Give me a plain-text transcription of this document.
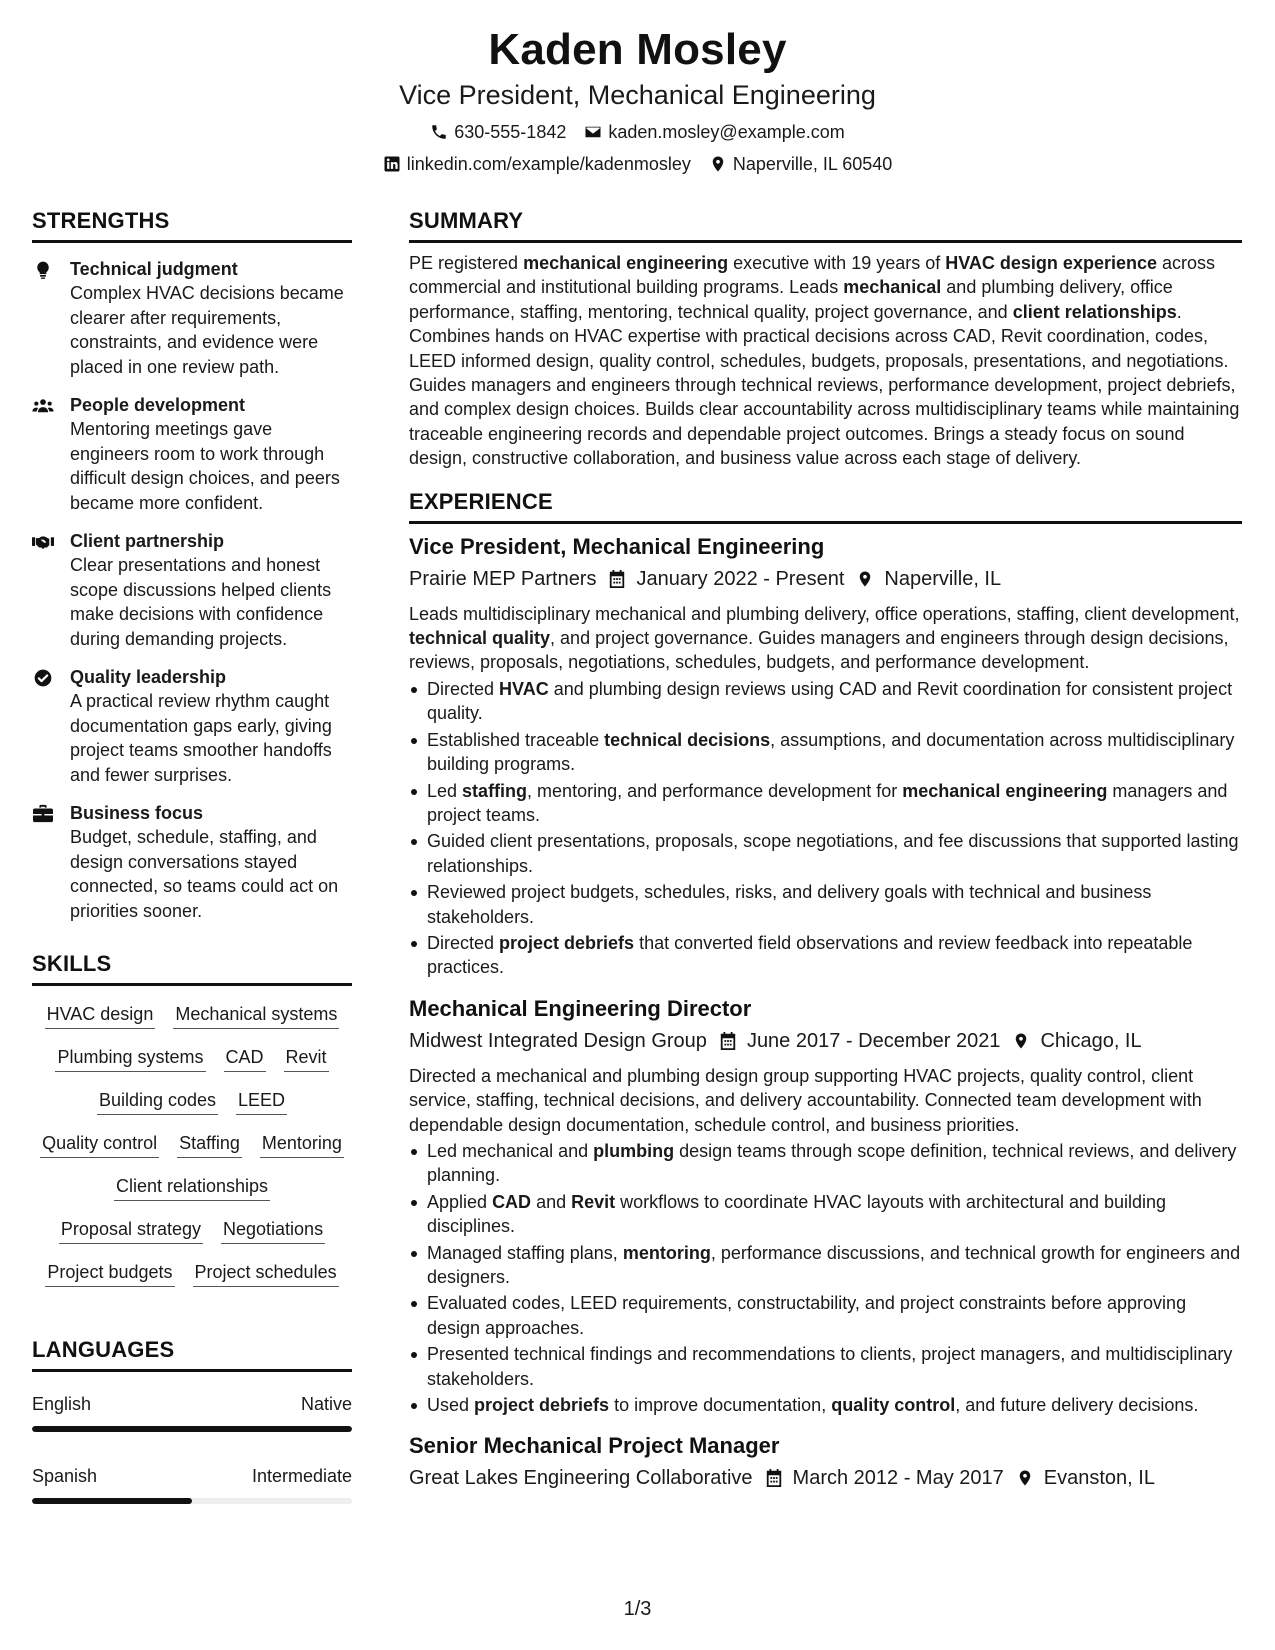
Kaden Mosley
Vice President, Mechanical Engineering
630-555-1842 kaden.mosley@example.com
linkedin.com/example/kadenmosley Naperville, IL 60540
STRENGTHS
Technical judgment
Complex HVAC decisions became clearer after requirements, constraints, and evidence were placed in one review path.
People development
Mentoring meetings gave engineers room to work through difficult design choices, and peers became more confident.
Client partnership
Clear presentations and honest scope discussions helped clients make decisions with confidence during demanding projects.
Quality leadership
A practical review rhythm caught documentation gaps early, giving project teams smoother handoffs and fewer surprises.
Business focus
Budget, schedule, staffing, and design conversations stayed connected, so teams could act on priorities sooner.
SKILLS
HVAC design Mechanical systems
Plumbing systems CAD Revit
Building codes LEED
Quality control Staffing Mentoring
Client relationships
Proposal strategy Negotiations
Project budgets Project schedules
LANGUAGES
English	Native
Spanish	Intermediate
SUMMARY
PE registered mechanical engineering executive with 19 years of HVAC design experience across commercial and institutional building programs. Leads mechanical and plumbing delivery, office performance, staffing, mentoring, technical quality, project governance, and client relationships. Combines hands on HVAC expertise with practical decisions across CAD, Revit coordination, codes, LEED informed design, quality control, schedules, budgets, proposals, presentations, and negotiations. Guides managers and engineers through technical reviews, performance development, project debriefs, and complex design choices. Builds clear accountability across multidisciplinary teams while maintaining traceable engineering records and dependable project outcomes. Brings a steady focus on sound design, constructive collaboration, and business value across each stage of delivery.
EXPERIENCE
Vice President, Mechanical Engineering
Prairie MEP Partners January 2022 - Present Naperville, IL
Leads multidisciplinary mechanical and plumbing delivery, office operations, staffing, client development, technical quality, and project governance. Guides managers and engineers through design decisions, reviews, proposals, negotiations, schedules, budgets, and performance development.
Directed HVAC and plumbing design reviews using CAD and Revit coordination for consistent project quality.
Established traceable technical decisions, assumptions, and documentation across multidisciplinary building programs.
Led staffing, mentoring, and performance development for mechanical engineering managers and project teams.
Guided client presentations, proposals, scope negotiations, and fee discussions that supported lasting relationships.
Reviewed project budgets, schedules, risks, and delivery goals with technical and business stakeholders.
Directed project debriefs that converted field observations and review feedback into repeatable practices.
Mechanical Engineering Director
Midwest Integrated Design Group June 2017 - December 2021 Chicago, IL
Directed a mechanical and plumbing design group supporting HVAC projects, quality control, client service, staffing, technical decisions, and delivery accountability. Connected team development with dependable design documentation, schedule control, and business priorities.
Led mechanical and plumbing design teams through scope definition, technical reviews, and delivery planning.
Applied CAD and Revit workflows to coordinate HVAC layouts with architectural and building disciplines.
Managed staffing plans, mentoring, performance discussions, and technical growth for engineers and designers.
Evaluated codes, LEED requirements, constructability, and project constraints before approving design approaches.
Presented technical findings and recommendations to clients, project managers, and multidisciplinary stakeholders.
Used project debriefs to improve documentation, quality control, and future delivery decisions.
Senior Mechanical Project Manager
Great Lakes Engineering Collaborative March 2012 - May 2017 Evanston, IL
1/3
